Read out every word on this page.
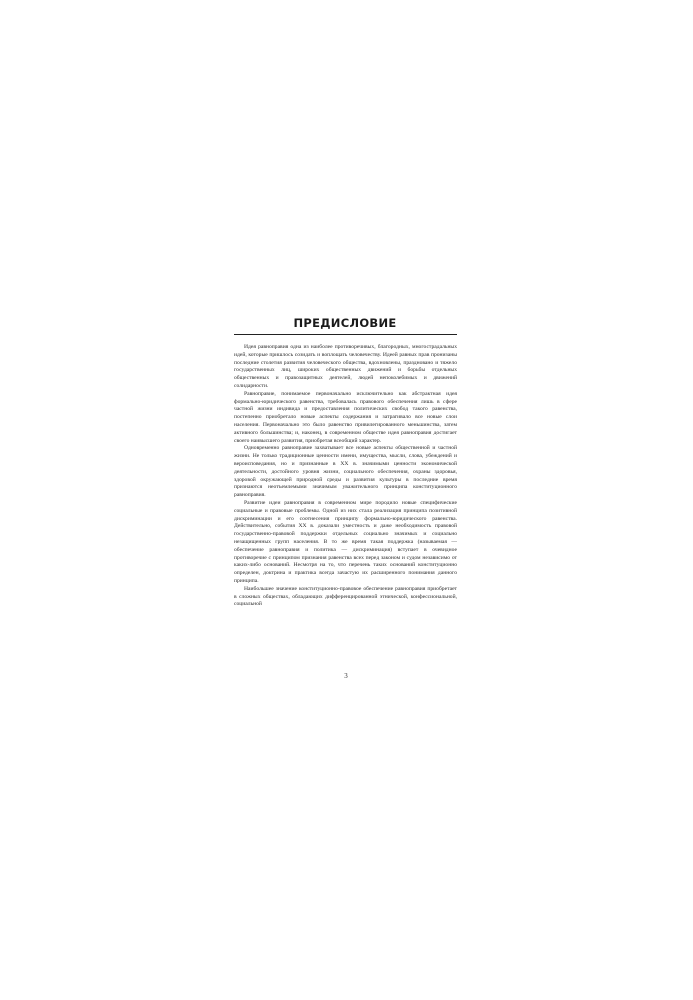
ПРЕДИСЛОВИЕ

Идея равноправия одна из наиболее противоречивых, благородных, многострадальных идей, которые пришлось созидать и воплощать человечеству. Идеей равных прав пронизаны последние столетия развития человеческого общества, вдохновлены, праздновано и тяжело государственных лиц, широких общественных движений и борьбы отдельных общественных и правозащитных деятелей, людей непоколебимых и движений солидарности.

Равноправие, понимаемое первоначально исключительно как абстрактная идея формально-юридического равенства, требовалась правового обеспечения лишь в сфере частной жизни индивида и предоставления политических свобод такого равенства, постепенно приобретало новые аспекты содержания и затрагивало все новые слои населения. Первоначально это было равенство привилегированного меньшинства, затем активного большинства; и, наконец, в современном обществе идея равноправия достигает своего наивысшего развития, приобретая всеобщий характер.

Одновременно равноправие захватывает все новые аспекты общественной и частной жизни. Не только традиционные ценности имени, имущества, мысли, слова, убеждений и вероисповедания, но и признанные в XX в. значимыми ценности экономической деятельности, достойного уровня жизни, социального обеспечения, охраны здоровья, здоровой окружающей природной среды и развития культуры в последние время признаются неотъемлемыми значимым уважительного принципа конституционного равноправия.

Развитие идеи равноправия в современном мире породило новые специфические социальные и правовые проблемы. Одной из них стала реализация принципа позитивной дискриминации и его соотнесения принципу формально-юридического равенства. Действительно, события XX в. доказали уместность и даже необходимость правовой государственно-правовой поддержки отдельных социально значимых и социально незащищенных групп населения. В то же время такая поддержка (называемая — обеспечение равноправия и политика — дискриминация) вступает в очевидное противоречие с принципом признания равенства всех перед законом и судом независимо от каких-либо оснований. Несмотря на то, что перечень таких оснований конституционно определен, доктрина и практика всегда зачастую их расширенного понимания данного принципа.

Наибольшее значение конституционно-правовое обеспечение равноправия приобретает в сложных обществах, обладающих дифференцированной этнической, конфессиональной, социальной

3
